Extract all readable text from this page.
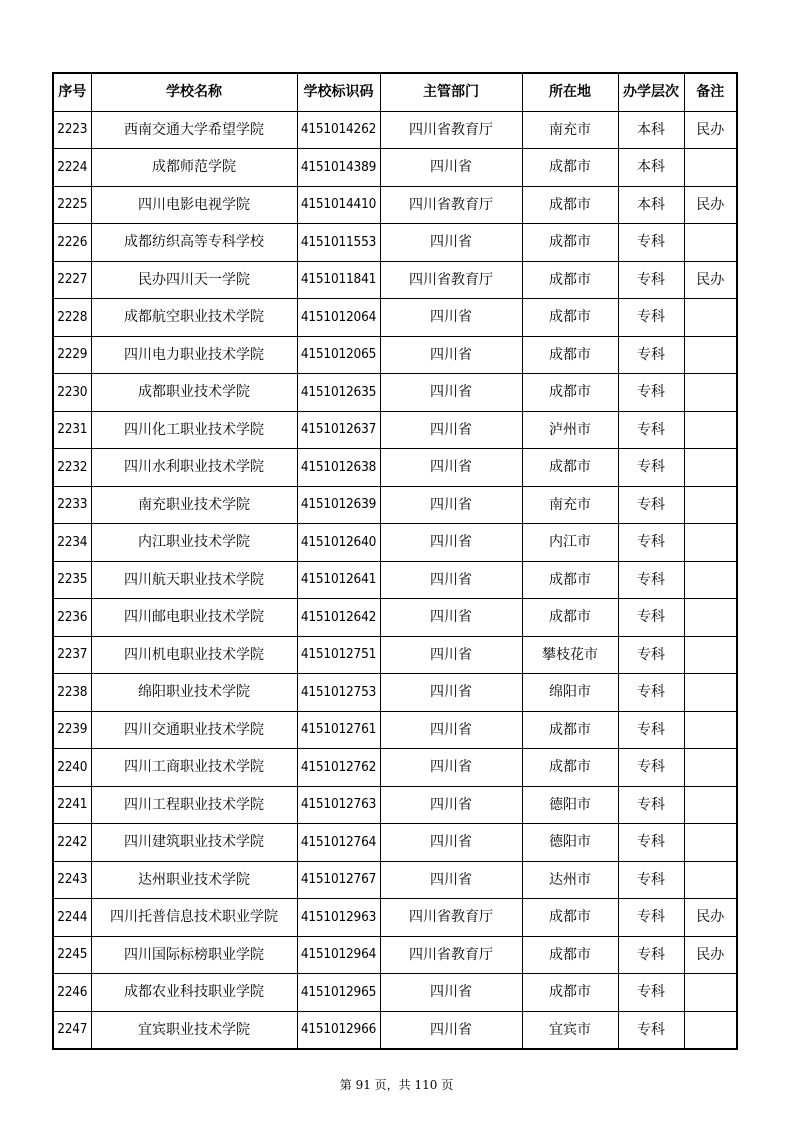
序号	学校名称	学校标识码	主管部门	所在地	办学层次	备注
2223	西南交通大学希望学院	4151014262	四川省教育厅	南充市	本科	民办
2224	成都师范学院	4151014389	四川省	成都市	本科	
2225	四川电影电视学院	4151014410	四川省教育厅	成都市	本科	民办
2226	成都纺织高等专科学校	4151011553	四川省	成都市	专科	
2227	民办四川天一学院	4151011841	四川省教育厅	成都市	专科	民办
2228	成都航空职业技术学院	4151012064	四川省	成都市	专科	
2229	四川电力职业技术学院	4151012065	四川省	成都市	专科	
2230	成都职业技术学院	4151012635	四川省	成都市	专科	
2231	四川化工职业技术学院	4151012637	四川省	泸州市	专科	
2232	四川水利职业技术学院	4151012638	四川省	成都市	专科	
2233	南充职业技术学院	4151012639	四川省	南充市	专科	
2234	内江职业技术学院	4151012640	四川省	内江市	专科	
2235	四川航天职业技术学院	4151012641	四川省	成都市	专科	
2236	四川邮电职业技术学院	4151012642	四川省	成都市	专科	
2237	四川机电职业技术学院	4151012751	四川省	攀枝花市	专科	
2238	绵阳职业技术学院	4151012753	四川省	绵阳市	专科	
2239	四川交通职业技术学院	4151012761	四川省	成都市	专科	
2240	四川工商职业技术学院	4151012762	四川省	成都市	专科	
2241	四川工程职业技术学院	4151012763	四川省	德阳市	专科	
2242	四川建筑职业技术学院	4151012764	四川省	德阳市	专科	
2243	达州职业技术学院	4151012767	四川省	达州市	专科	
2244	四川托普信息技术职业学院	4151012963	四川省教育厅	成都市	专科	民办
2245	四川国际标榜职业学院	4151012964	四川省教育厅	成都市	专科	民办
2246	成都农业科技职业学院	4151012965	四川省	成都市	专科	
2247	宜宾职业技术学院	4151012966	四川省	宜宾市	专科	
第 91 页，共 110 页
